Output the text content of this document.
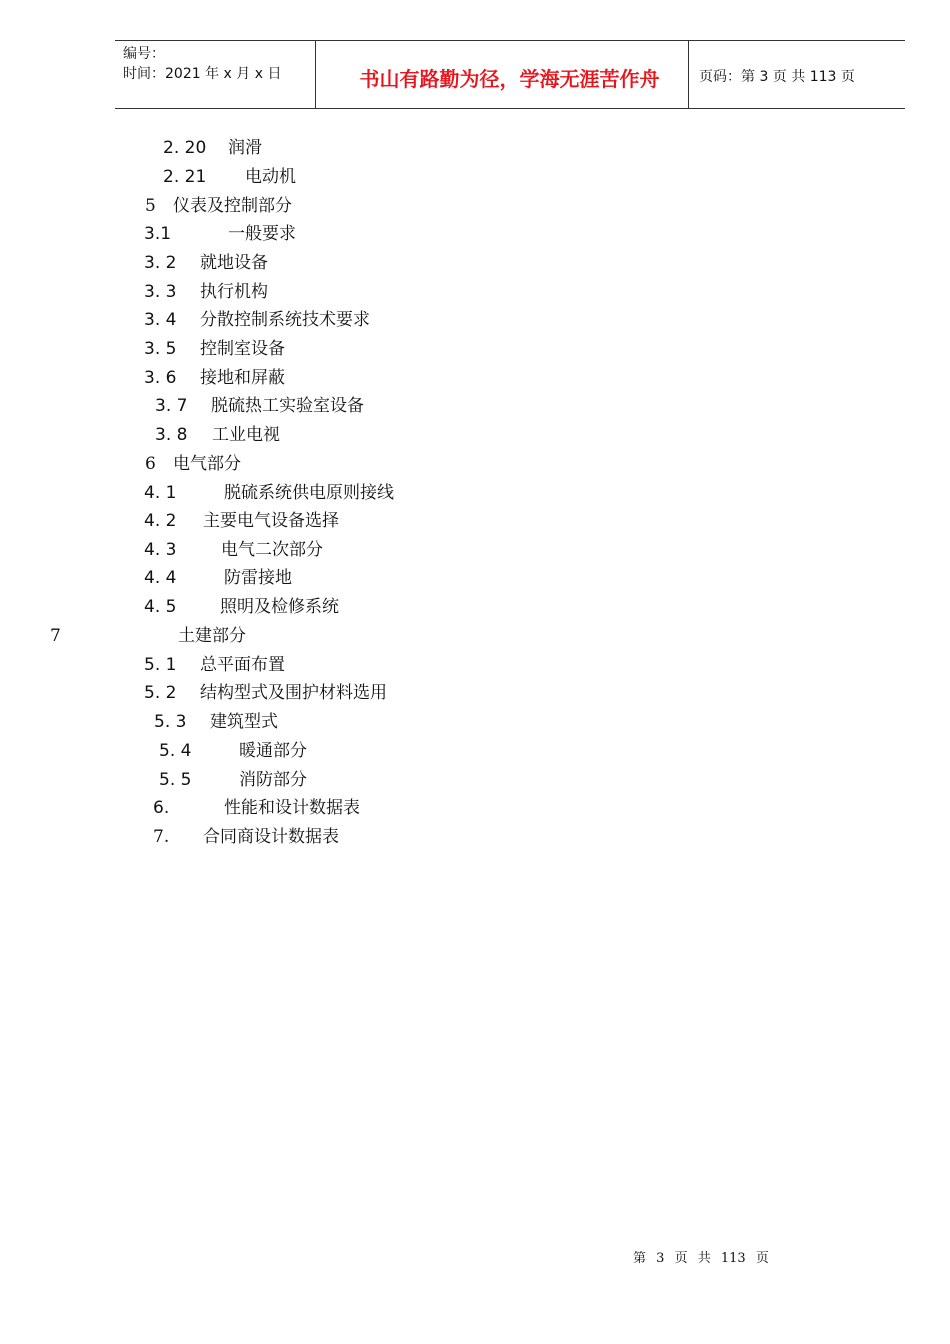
编号：
时间：2021 年 x 月 x 日	书山有路勤为径，学海无涯苦作舟	页码：第 3 页 共 113 页
2. 20 润滑
2. 21 电动机
5 仪表及控制部分
3.1	一般要求
3. 2 就地设备
3. 3 执行机构
3. 4 分散控制系统技术要求
3. 5 控制室设备
3. 6 接地和屏蔽
3. 7 脱硫热工实验室设备
3. 8 工业电视
6 电气部分
4. 1	脱硫系统供电原则接线
4. 2 主要电气设备选择
4. 3	电气二次部分
4. 4	防雷接地
4. 5	照明及检修系统
7	土建部分
5. 1 总平面布置
5. 2 结构型式及围护材料选用
5. 3 建筑型式
5. 4	暖通部分
5. 5	消防部分
6.	性能和设计数据表
7. 合同商设计数据表
第 3 页 共 113 页
